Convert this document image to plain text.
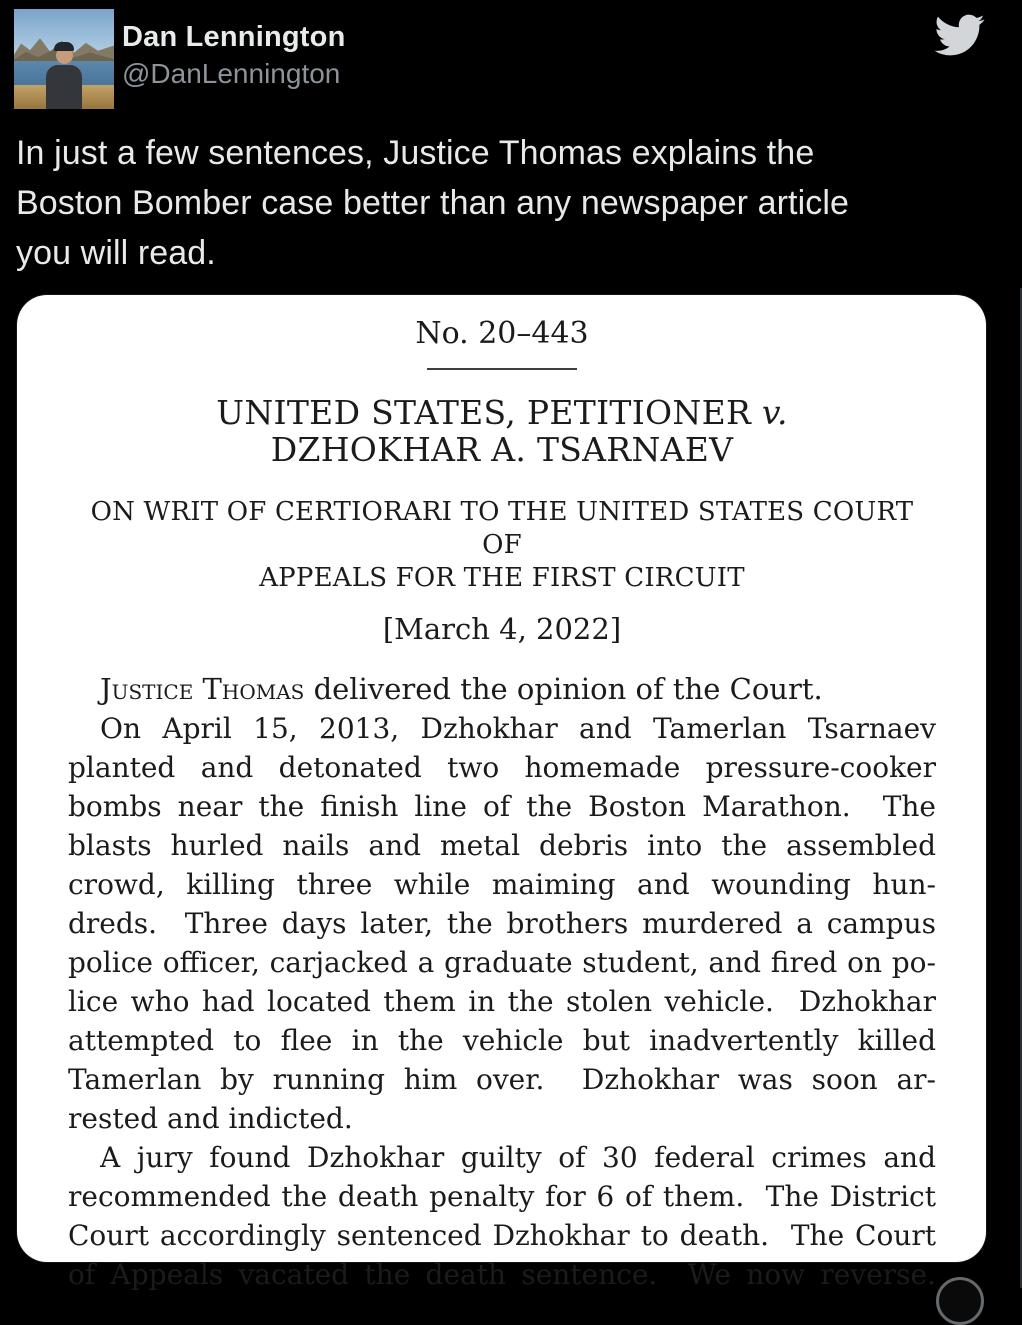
Dan Lennington
@DanLennington
In just a few sentences, Justice Thomas explains the
Boston Bomber case better than any newspaper article
you will read.
No. 20–443
UNITED STATES, PETITIONER v.
DZHOKHAR A. TSARNAEV
ON WRIT OF CERTIORARI TO THE UNITED STATES COURT OF
APPEALS FOR THE FIRST CIRCUIT
[March 4, 2022]
Justice Thomas delivered the opinion of the Court.
On April 15, 2013, Dzhokhar and Tamerlan Tsarnaev
planted and detonated two homemade pressure-cooker
bombs near the finish line of the Boston Marathon.  The
blasts hurled nails and metal debris into the assembled
crowd, killing three while maiming and wounding hun-
dreds.  Three days later, the brothers murdered a campus
police officer, carjacked a graduate student, and fired on po-
lice who had located them in the stolen vehicle.  Dzhokhar
attempted to flee in the vehicle but inadvertently killed
Tamerlan by running him over.  Dzhokhar was soon ar-
rested and indicted.
A jury found Dzhokhar guilty of 30 federal crimes and
recommended the death penalty for 6 of them.  The District
Court accordingly sentenced Dzhokhar to death.  The Court
of Appeals vacated the death sentence.  We now reverse.
